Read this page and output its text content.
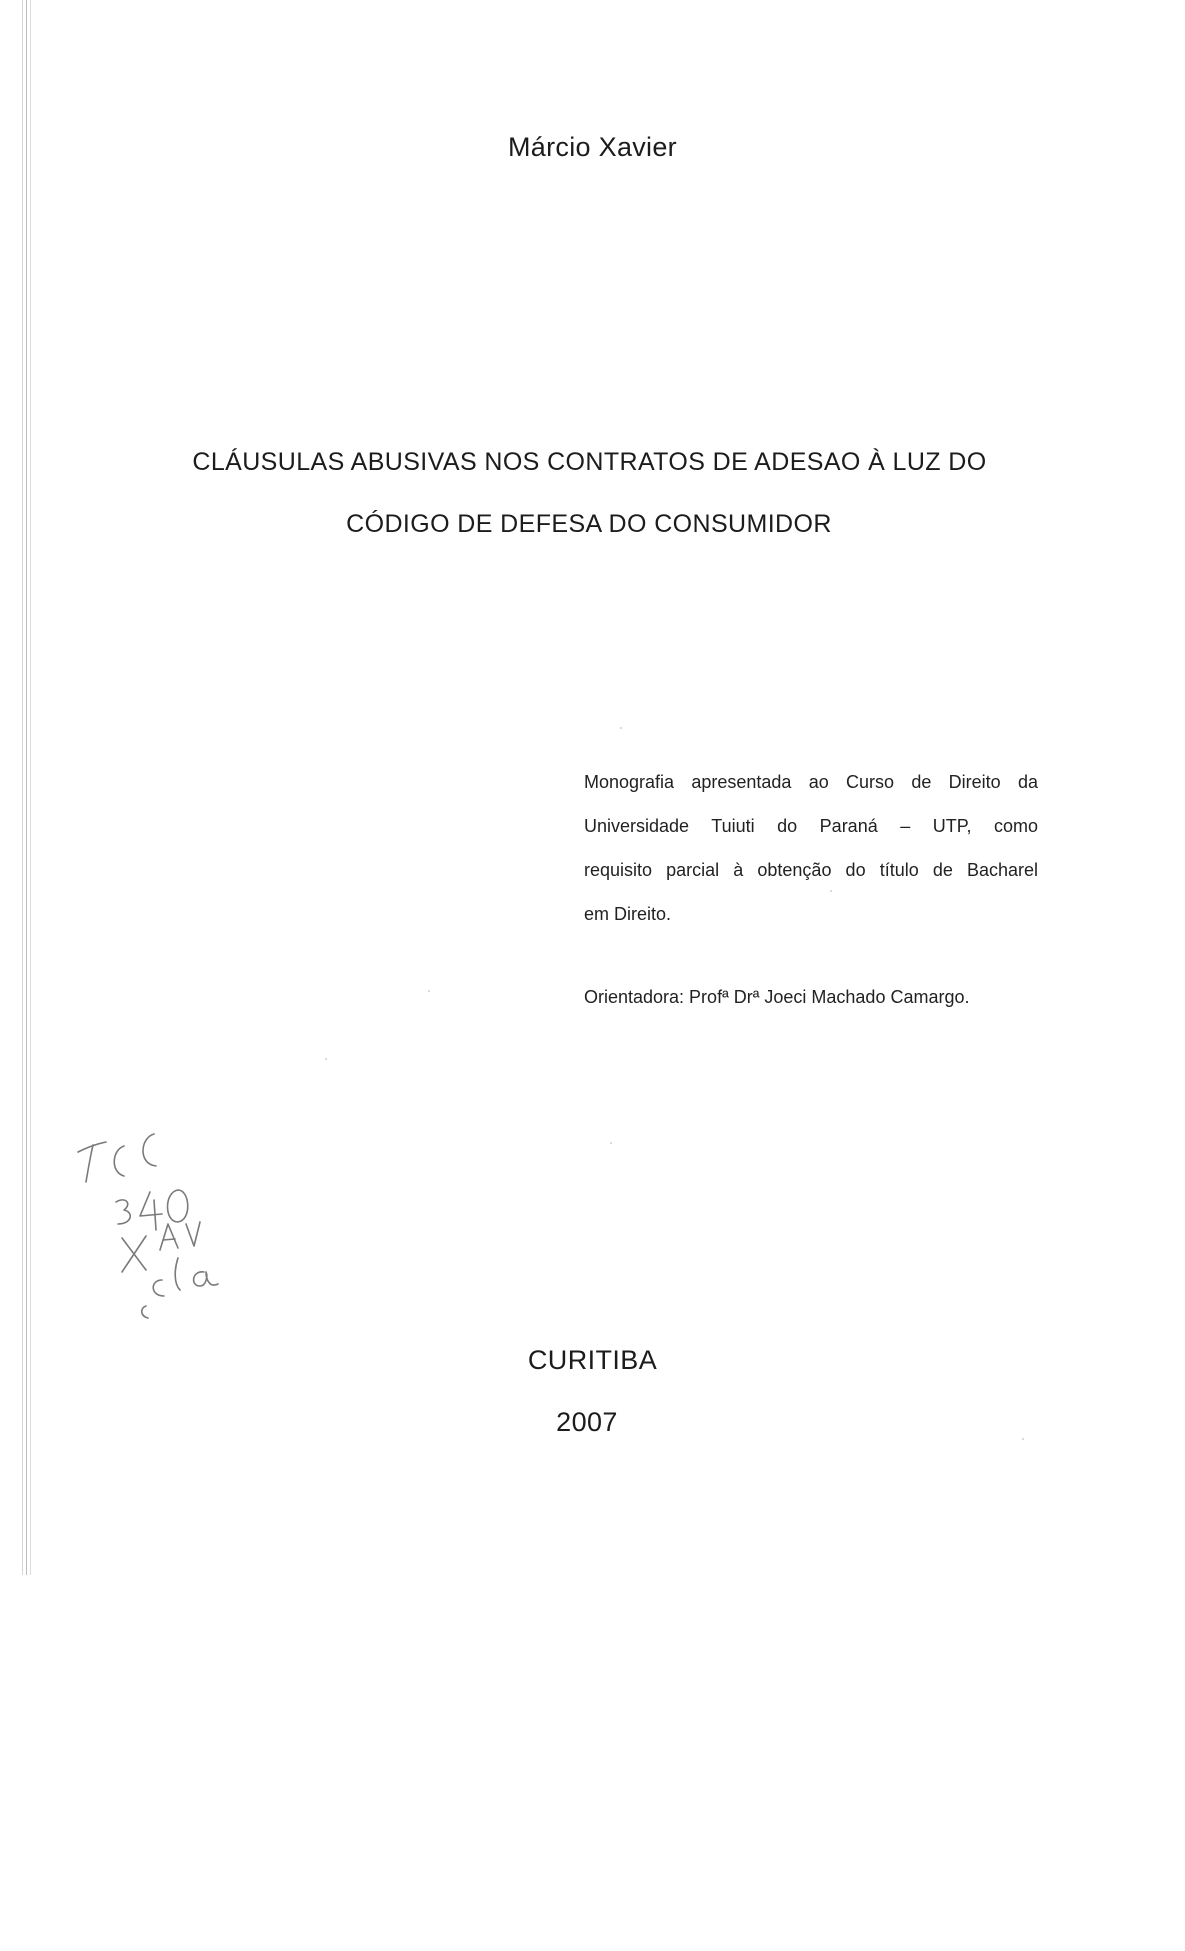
Márcio Xavier
CLÁUSULAS ABUSIVAS NOS CONTRATOS DE ADESAO À LUZ DO
CÓDIGO DE DEFESA DO CONSUMIDOR
Monografia apresentada ao Curso de Direito da
Universidade Tuiuti do Paraná – UTP, como
requisito parcial à obtenção do título de Bacharel
em Direito.
Orientadora: Profª Drª Joeci Machado Camargo.
CURITIBA
2007
